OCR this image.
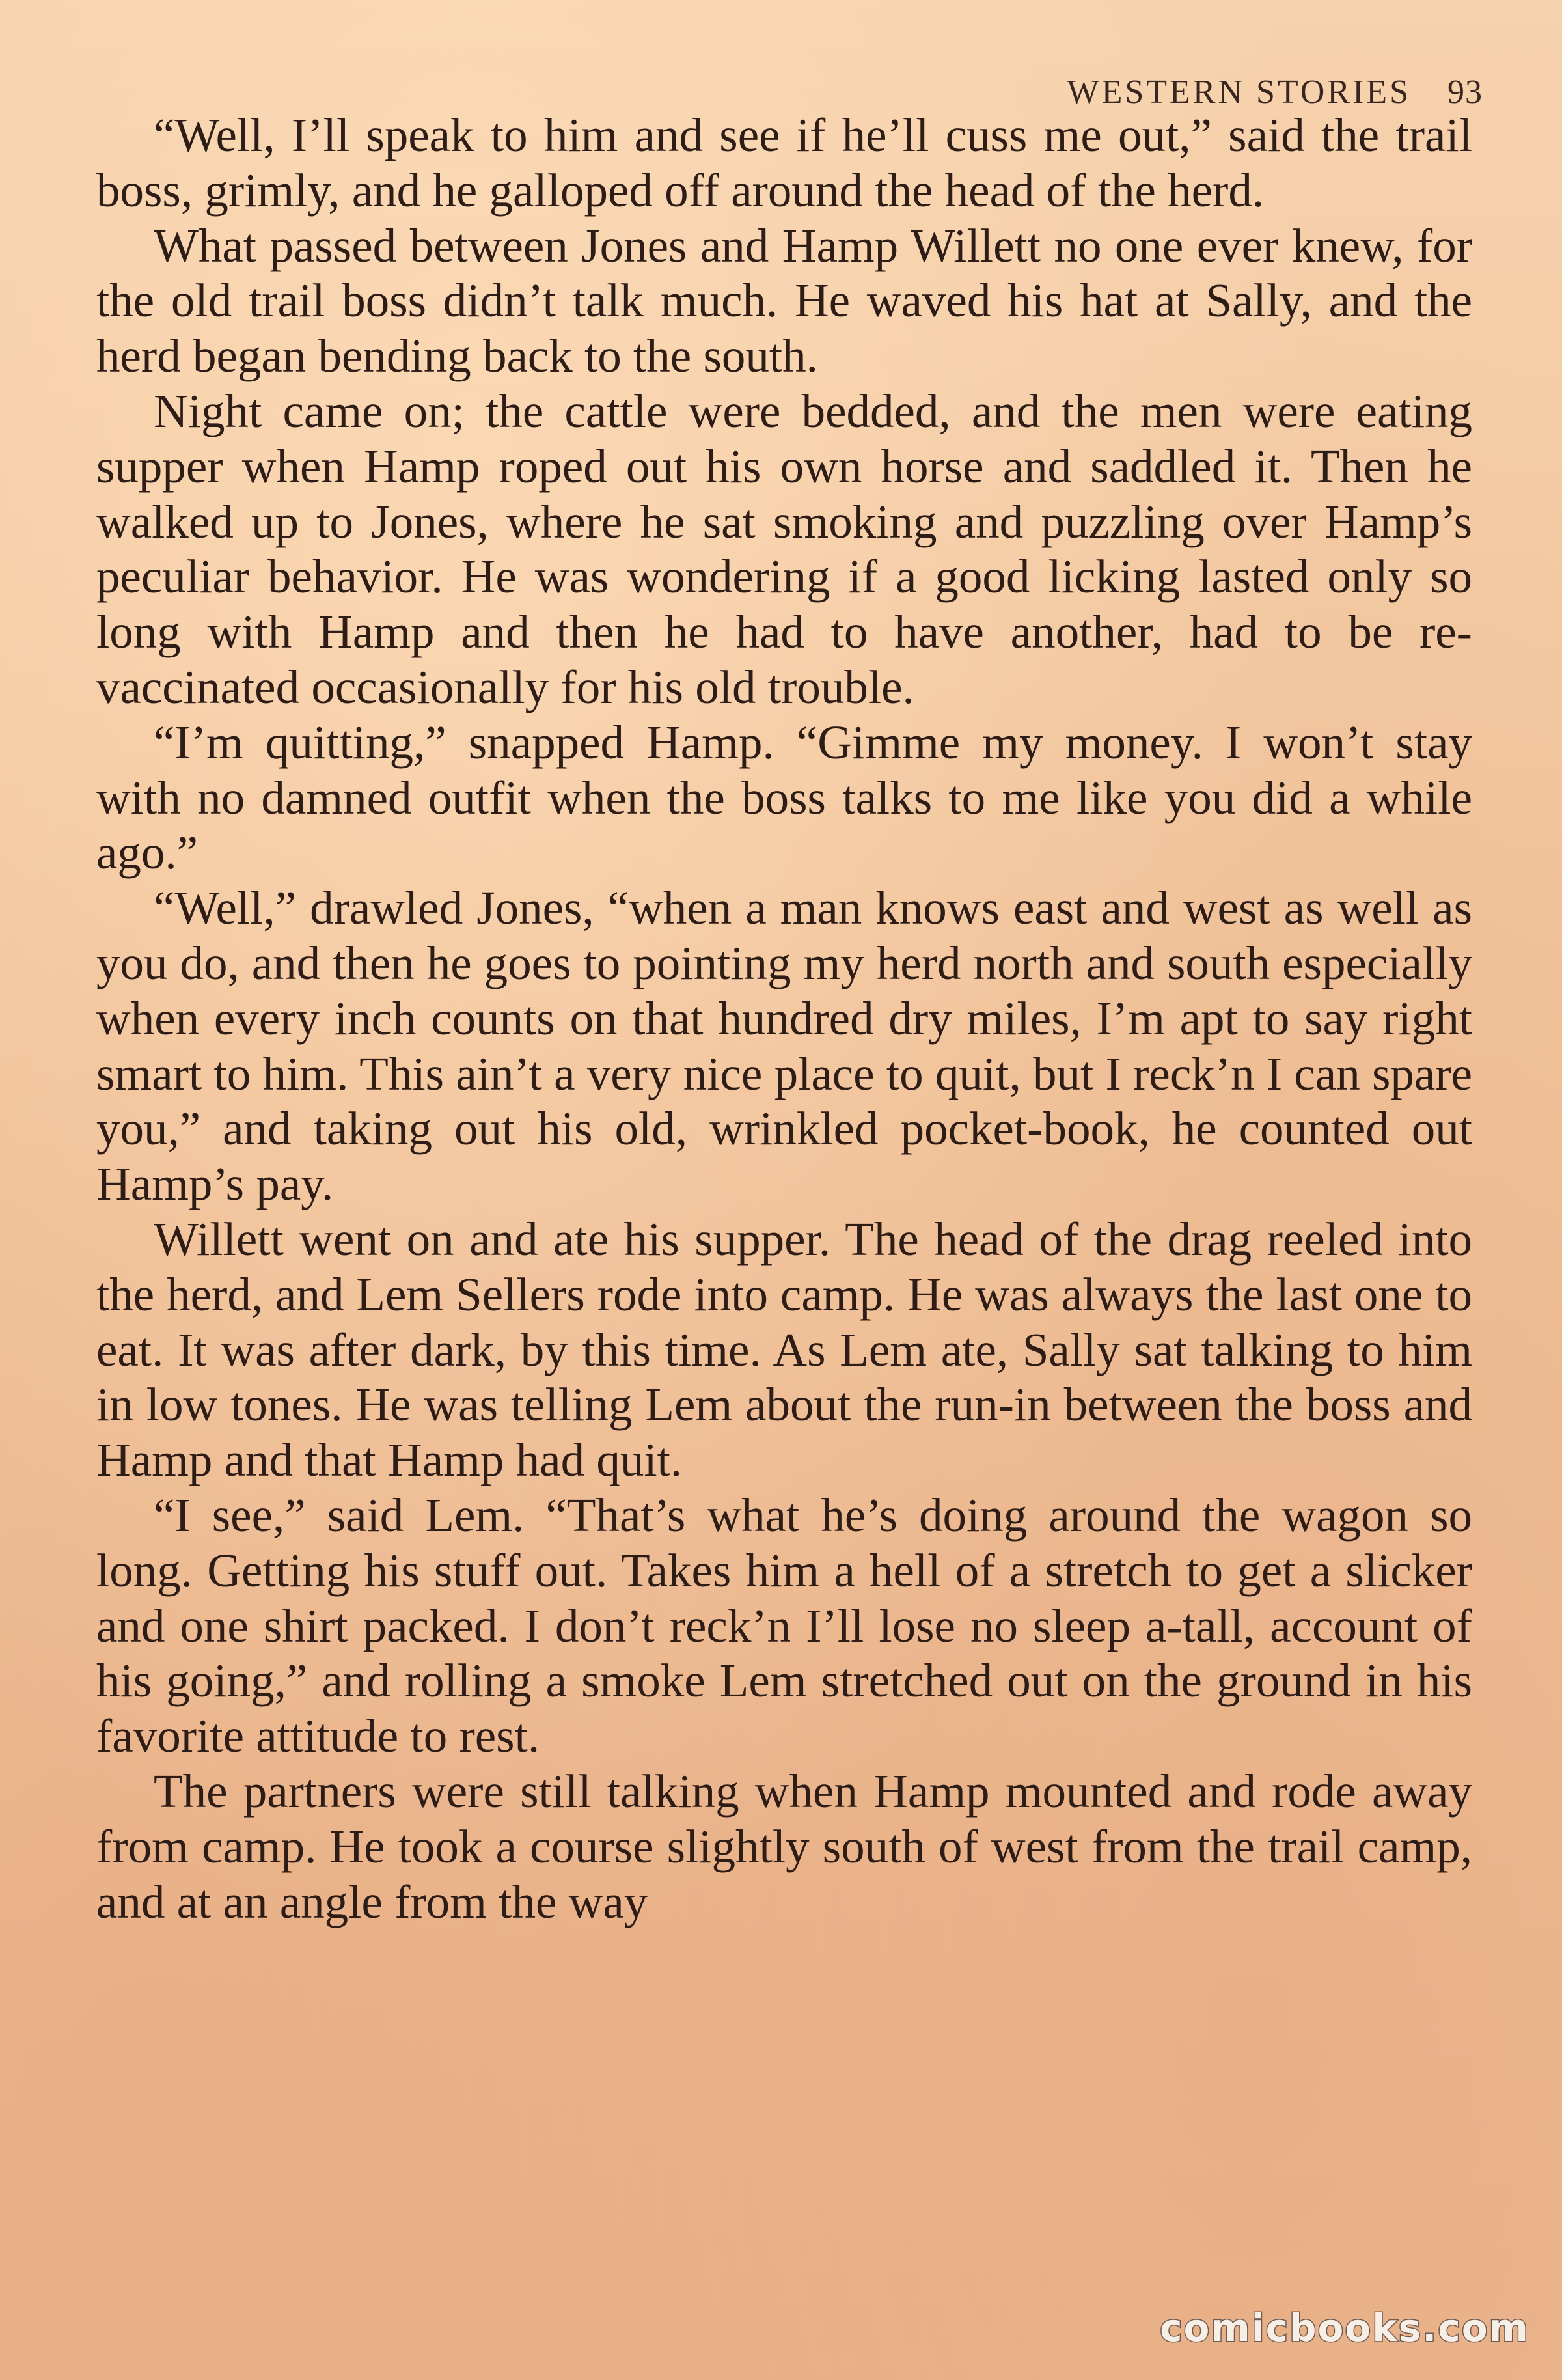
WESTERN STORIES 93

“Well, I’ll speak to him and see if he’ll cuss me out,” said the trail boss, grimly, and he galloped off around the head of the herd.

What passed between Jones and Hamp Willett no one ever knew, for the old trail boss didn’t talk much. He waved his hat at Sally, and the herd began bending back to the south.

Night came on; the cattle were bedded, and the men were eating supper when Hamp roped out his own horse and saddled it. Then he walked up to Jones, where he sat smoking and puzzling over Hamp’s peculiar behavior. He was wondering if a good licking lasted only so long with Hamp and then he had to have another, had to be re-vaccinated occasionally for his old trouble.

“I’m quitting,” snapped Hamp. “Gimme my money. I won’t stay with no damned outfit when the boss talks to me like you did a while ago.”

“Well,” drawled Jones, “when a man knows east and west as well as you do, and then he goes to pointing my herd north and south especially when every inch counts on that hundred dry miles, I’m apt to say right smart to him. This ain’t a very nice place to quit, but I reck’n I can spare you,” and taking out his old, wrinkled pocket-book, he counted out Hamp’s pay.

Willett went on and ate his supper. The head of the drag reeled into the herd, and Lem Sellers rode into camp. He was always the last one to eat. It was after dark, by this time. As Lem ate, Sally sat talking to him in low tones. He was telling Lem about the run-in between the boss and Hamp and that Hamp had quit.

“I see,” said Lem. “That’s what he’s doing around the wagon so long. Getting his stuff out. Takes him a hell of a stretch to get a slicker and one shirt packed. I don’t reck’n I’ll lose no sleep a-tall, account of his going,” and rolling a smoke Lem stretched out on the ground in his favorite attitude to rest.

The partners were still talking when Hamp mounted and rode away from camp. He took a course slightly south of west from the trail camp, and at an angle from the way

comicbooks.com
